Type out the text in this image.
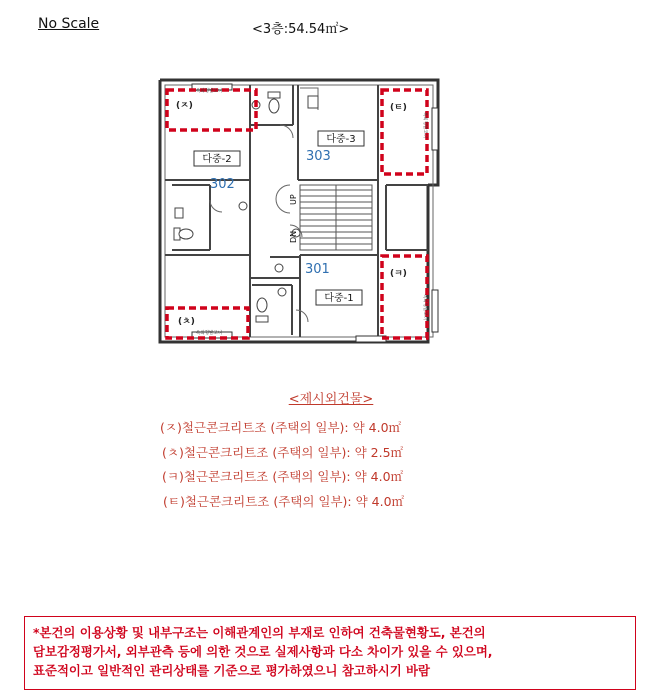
No Scale	<3층:54.54㎡>
(ㅈ)	(ㅌ)
(ㅋ)
(ㅊ)
옥외형발코니
옥외형발코니
옥외형발코니
옥외형발코니
다중-2
다중-3
다중-1
302
303
301
UP
DN
<제시외건물>
(ㅈ)철근콘크리트조 (주택의 일부): 약 4.0㎡
(ㅊ)철근콘크리트조 (주택의 일부): 약 2.5㎡
(ㅋ)철근콘크리트조 (주택의 일부): 약 4.0㎡
(ㅌ)철근콘크리트조 (주택의 일부): 약 4.0㎡
*본건의 이용상황 및 내부구조는 이해관계인의 부재로 인하여 건축물현황도, 본건의
담보감정평가서, 외부관측 등에 의한 것으로 실제사항과 다소 차이가 있을 수 있으며,
표준적이고 일반적인 관리상태를 기준으로 평가하였으니 참고하시기 바람
